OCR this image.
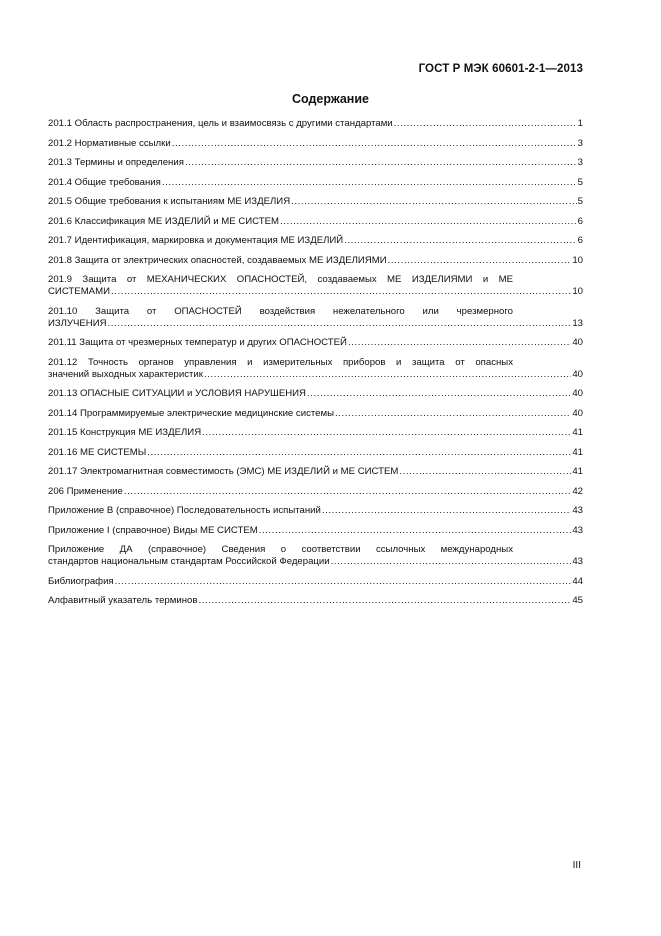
ГОСТ Р МЭК 60601-2-1—2013
Содержание
201.1 Область распространения, цель и взаимосвязь с другими стандартами .....	1
201.2 Нормативные ссылки .....	3
201.3 Термины и определения .....	3
201.4 Общие требования .....	5
201.5 Общие требования к испытаниям МЕ ИЗДЕЛИЯ .....	5
201.6 Классификация МЕ ИЗДЕЛИЙ и МЕ СИСТЕМ .....	6
201.7 Идентификация, маркировка и документация МЕ ИЗДЕЛИЙ .....	6
201.8 Защита от электрических опасностей, создаваемых МЕ ИЗДЕЛИЯМИ .....	10
201.9 Защита от МЕХАНИЧЕСКИХ ОПАСНОСТЕЙ, создаваемых МЕ ИЗДЕЛИЯМИ и МЕ
СИСТЕМАМИ .....	10
201.10 Защита от ОПАСНОСТЕЙ воздействия нежелательного или чрезмерного
ИЗЛУЧЕНИЯ .....	13
201.11 Защита от чрезмерных температур и других ОПАСНОСТЕЙ .....	40
201.12 Точность органов управления и измерительных приборов и защита от опасных
значений выходных характеристик .....	40
201.13 ОПАСНЫЕ СИТУАЦИИ и УСЛОВИЯ НАРУШЕНИЯ .....	40
201.14 Программируемые электрические медицинские системы .....	40
201.15 Конструкция МЕ ИЗДЕЛИЯ .....	41
201.16 МЕ СИСТЕМЫ .....	41
201.17 Электромагнитная совместимость (ЭМС) МЕ ИЗДЕЛИЙ и МЕ СИСТЕМ .....	41
206 Применение .....	42
Приложение В (справочное) Последовательность испытаний .....	43
Приложение I (справочное) Виды МЕ СИСТЕМ .....	43
Приложение ДА (справочное) Сведения о соответствии ссылочных международных
стандартов национальным стандартам Российской Федерации .....	43
Библиография .....	44
Алфавитный указатель терминов .....	45
III
